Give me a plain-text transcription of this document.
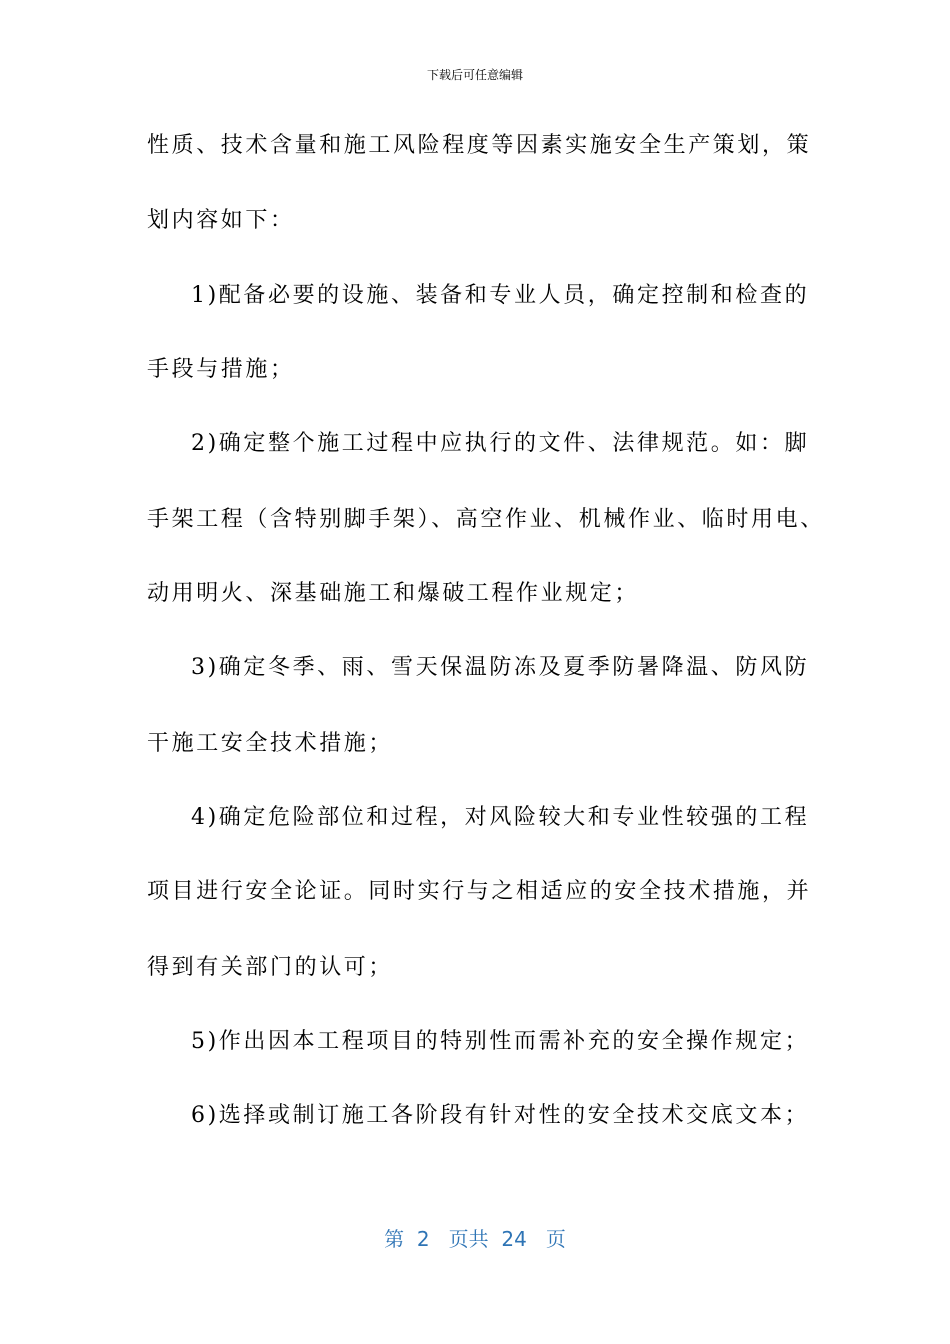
下载后可任意编辑
性质、技术含量和施工风险程度等因素实施安全生产策划，策
划内容如下：
1)配备必要的设施、装备和专业人员，确定控制和检查的
手段与措施；
2)确定整个施工过程中应执行的文件、法律规范。如：脚
手架工程（含特别脚手架）、高空作业、机械作业、临时用电、
动用明火、深基础施工和爆破工程作业规定；
3)确定冬季、雨、雪天保温防冻及夏季防暑降温、防风防
干施工安全技术措施；
4)确定危险部位和过程，对风险较大和专业性较强的工程
项目进行安全论证。同时实行与之相适应的安全技术措施，并
得到有关部门的认可；
5)作出因本工程项目的特别性而需补充的安全操作规定；
6)选择或制订施工各阶段有针对性的安全技术交底文本；
第 2 页共 24 页
